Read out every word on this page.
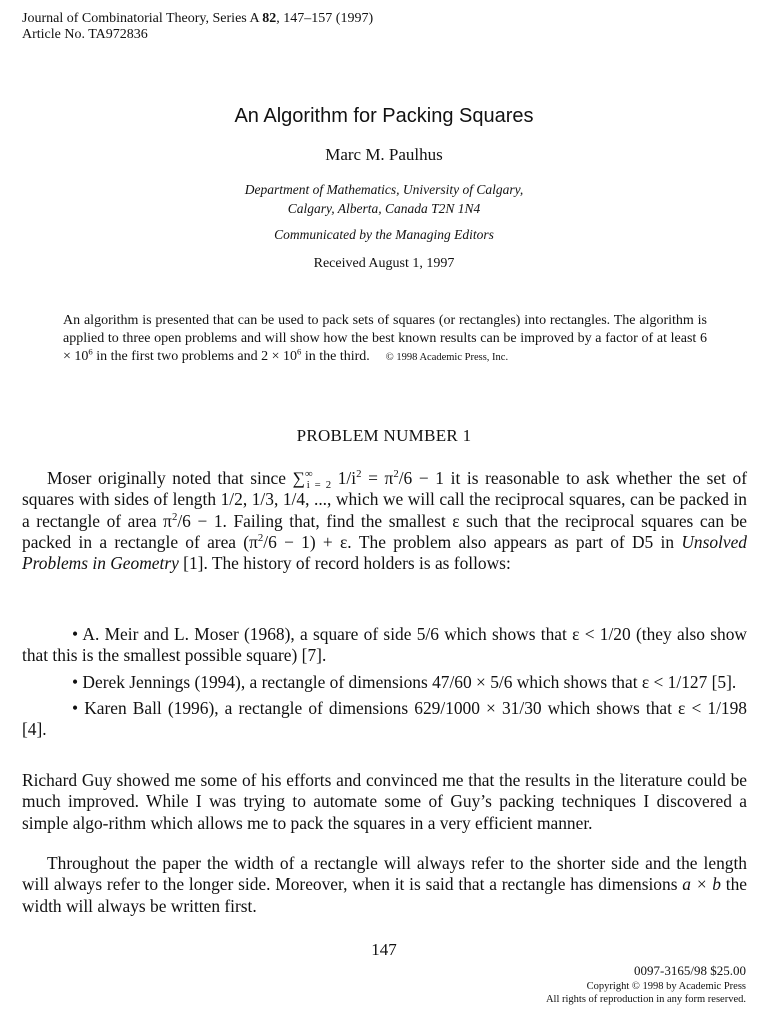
Journal of Combinatorial Theory, Series A 82, 147–157 (1997)
Article No. TA972836
An Algorithm for Packing Squares
Marc M. Paulhus
Department of Mathematics, University of Calgary,
Calgary, Alberta, Canada T2N 1N4
Communicated by the Managing Editors
Received August 1, 1997
An algorithm is presented that can be used to pack sets of squares (or rectangles) into rectangles. The algorithm is applied to three open problems and will show how the best known results can be improved by a factor of at least $6 \times 10^6$ in the first two problems and $2 \times 10^6$ in the third. © 1998 Academic Press, Inc.
PROBLEM NUMBER 1
Moser originally noted that since $\sum^\infty_{i = 2}$ $1/i^2 = \pi^2/6 - 1$ it is reasonable to ask whether the set of squares with sides of length 1/2, 1/3, 1/4, ..., which we will call the reciprocal squares, can be packed in a rectangle of area $\pi^2/6 - 1$. Failing that, find the smallest ε such that the reciprocal squares can be packed in a rectangle of area $(\pi^2/6 - 1) + \varepsilon$. The problem also appears as part of D5 in Unsolved Problems in Geometry [1]. The history of record holders is as follows:
• A. Meir and L. Moser (1968), a square of side 5/6 which shows that ε < 1/20 (they also show that this is the smallest possible square) [7].
• Derek Jennings (1994), a rectangle of dimensions 47/60 × 5/6 which shows that ε < 1/127 [5].
• Karen Ball (1996), a rectangle of dimensions 629/1000 × 31/30 which shows that ε < 1/198 [4].
Richard Guy showed me some of his efforts and convinced me that the results in the literature could be much improved. While I was trying to automate some of Guy’s packing techniques I discovered a simple algo-rithm which allows me to pack the squares in a very efficient manner.
Throughout the paper the width of a rectangle will always refer to the shorter side and the length will always refer to the longer side. Moreover, when it is said that a rectangle has dimensions a × b the width will always be written first.
147
0097-3165/98 $25.00
Copyright © 1998 by Academic Press
All rights of reproduction in any form reserved.
